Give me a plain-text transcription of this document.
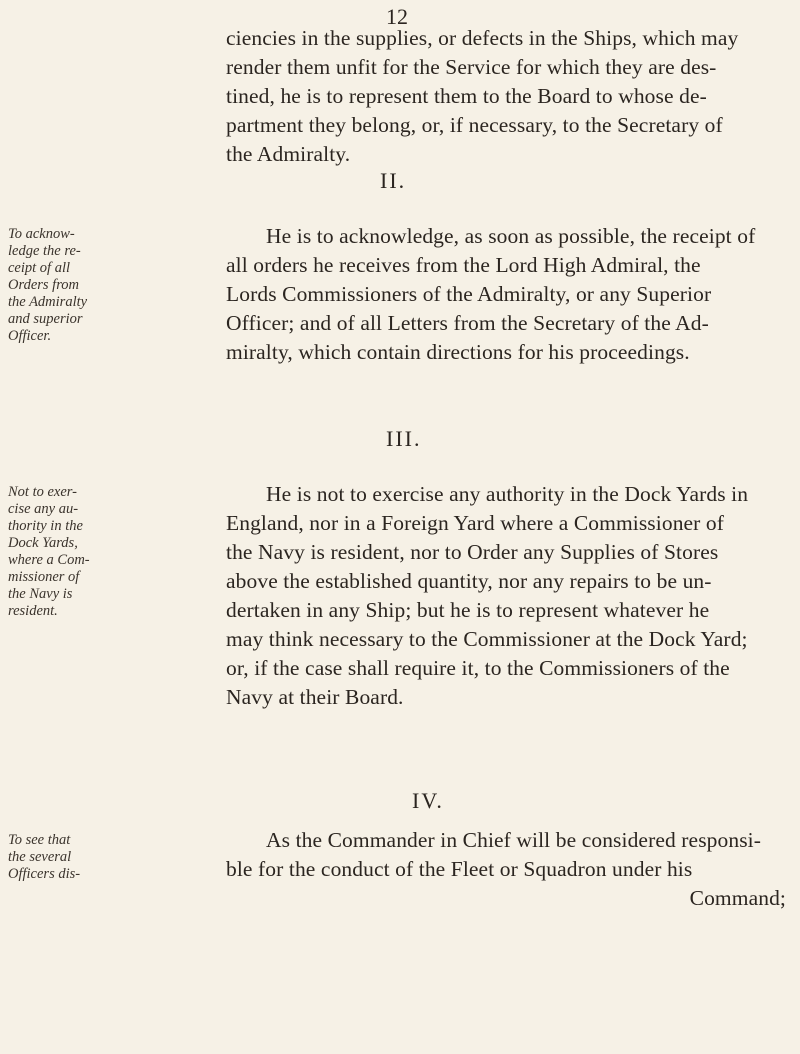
12
ciencies in the supplies, or defects in the Ships, which may
render them unfit for the Service for which they are des-
tined, he is to represent them to the Board to whose de-
partment they belong, or, if necessary, to the Secretary of
the Admiralty.
II.
To acknow-
ledge the re-
ceipt of all
Orders from
the Admiralty
and superior
Officer.
He is to acknowledge, as soon as possible, the receipt of
all orders he receives from the Lord High Admiral, the
Lords Commissioners of the Admiralty, or any Superior
Officer; and of all Letters from the Secretary of the Ad-
miralty, which contain directions for his proceedings.
III.
Not to exer-
cise any au-
thority in the
Dock Yards,
where a Com-
missioner of
the Navy is
resident.
He is not to exercise any authority in the Dock Yards in
England, nor in a Foreign Yard where a Commissioner of
the Navy is resident, nor to Order any Supplies of Stores
above the established quantity, nor any repairs to be un-
dertaken in any Ship; but he is to represent whatever he
may think necessary to the Commissioner at the Dock Yard;
or, if the case shall require it, to the Commissioners of the
Navy at their Board.
IV.
To see that
the several
Officers dis-
As the Commander in Chief will be considered responsi-
ble for the conduct of the Fleet or Squadron under his
Command;
